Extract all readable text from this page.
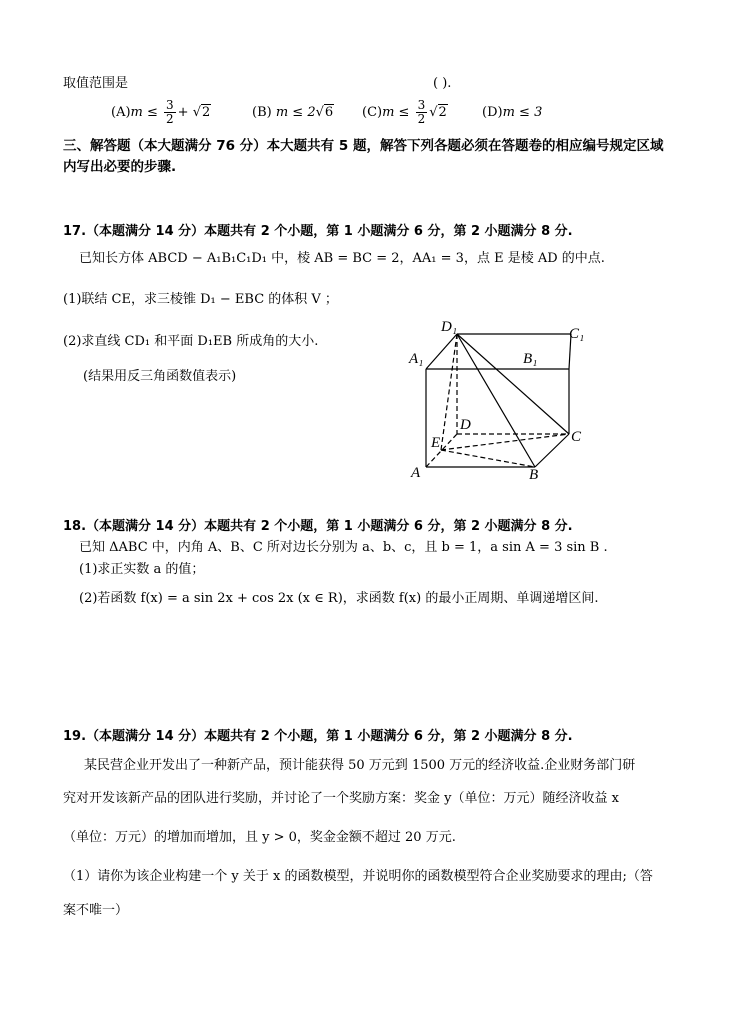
取值范围是	( ).
$(A)m \le \frac{3}{2} + √2$	(B) m ≤ 2√6 $(C)m \le \frac{3}{2} √2$	(D)m ≤ 3
三、解答题（本大题满分 76 分）本大题共有 5 题，解答下列各题必须在答题卷的相应编号规定区域
内写出必要的步骤.
17.（本题满分 14 分）本题共有 2 个小题，第 1 小题满分 6 分，第 2 小题满分 8 分.
已知长方体 ABCD − A₁B₁C₁D₁ 中，棱 AB = BC = 2，AA₁ = 3，点 E 是棱 AD 的中点.
(1)联结 CE，求三棱锥 D₁ − EBC 的体积 V ；
(2)求直线 CD₁ 和平面 D₁EB 所成角的大小.
(结果用反三角函数值表示)
D₁	C₁
A₁	B₁
D
C
E
A	B
18.（本题满分 14 分）本题共有 2 个小题，第 1 小题满分 6 分，第 2 小题满分 8 分.
已知 ΔABC 中，内角 A、B、C 所对边长分别为 a、b、c，且 b = 1，a sin A = 3 sin B .
(1)求正实数 a 的值；
(2)若函数 f(x) = a sin 2x + cos 2x (x ∈ R)，求函数 f(x) 的最小正周期、单调递增区间.
19.（本题满分 14 分）本题共有 2 个小题，第 1 小题满分 6 分，第 2 小题满分 8 分.
某民营企业开发出了一种新产品，预计能获得 50 万元到 1500 万元的经济收益.企业财务部门研
究对开发该新产品的团队进行奖励，并讨论了一个奖励方案：奖金 y（单位：万元）随经济收益 x
（单位：万元）的增加而增加，且 y > 0，奖金金额不超过 20 万元.
（1）请你为该企业构建一个 y 关于 x 的函数模型，并说明你的函数模型符合企业奖励要求的理由;（答
案不唯一）
